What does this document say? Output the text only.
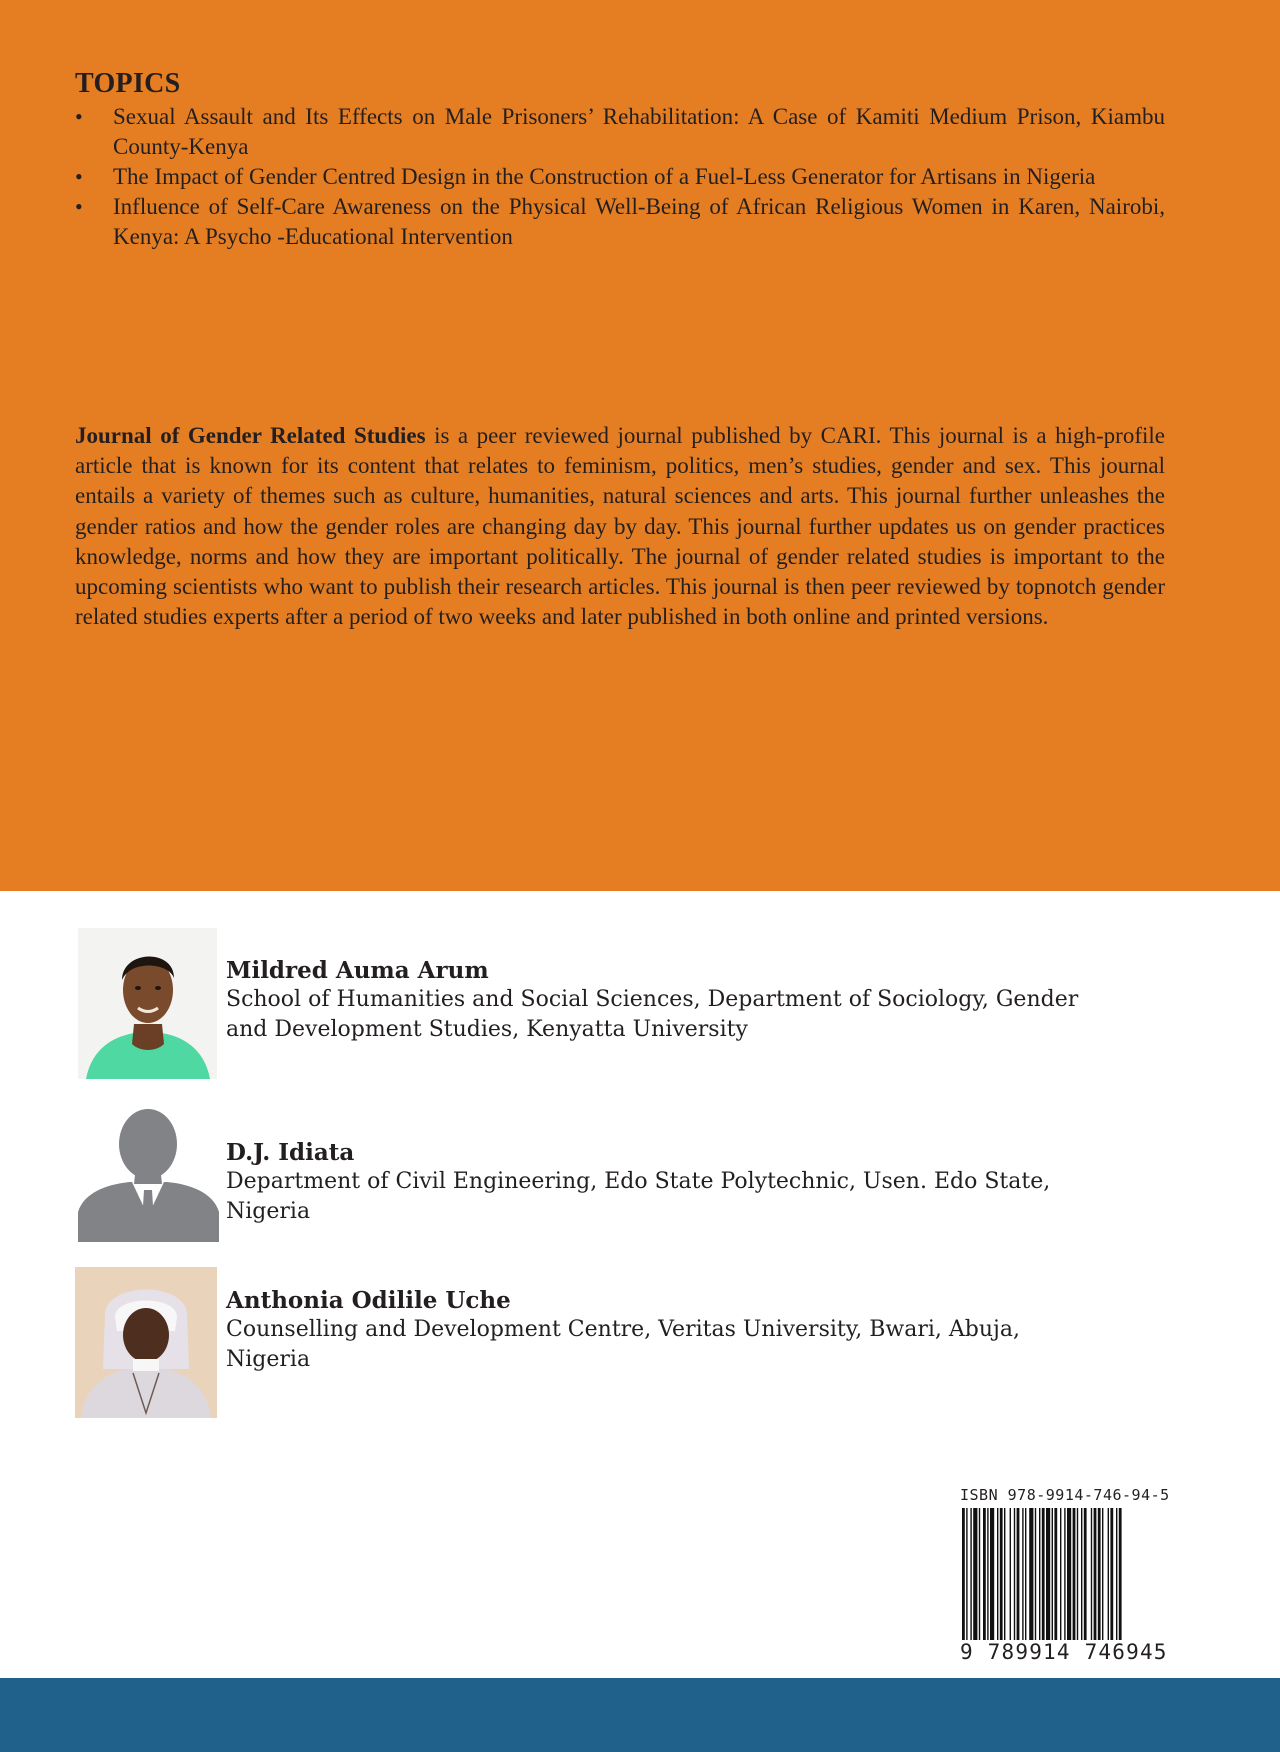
TOPICS
• Sexual Assault and Its Effects on Male Prisoners’ Rehabilitation: A Case of Kamiti Medium Prison, Kiambu County-Kenya
• The Impact of Gender Centred Design in the Construction of a Fuel-Less Generator for Artisans in Nigeria
• Influence of Self-Care Awareness on the Physical Well-Being of African Religious Women in Karen, Nairobi, Kenya: A Psycho -Educational Intervention

Journal of Gender Related Studies is a peer reviewed journal published by CARI. This journal is a high-profile article that is known for its content that relates to feminism, politics, men’s studies, gender and sex. This journal entails a variety of themes such as culture, humanities, natural sciences and arts. This journal further unleashes the gender ratios and how the gender roles are changing day by day. This journal further updates us on gender practices knowledge, norms and how they are important politically. The journal of gender related studies is important to the upcoming scientists who want to publish their research articles. This journal is then peer reviewed by topnotch gender related studies experts after a period of two weeks and later published in both online and printed versions.

Mildred Auma Arum
School of Humanities and Social Sciences, Department of Sociology, Gender and Development Studies, Kenyatta University
D.J. Idiata
Department of Civil Engineering, Edo State Polytechnic, Usen. Edo State, Nigeria
Anthonia Odilile Uche
Counselling and Development Centre, Veritas University, Bwari, Abuja, Nigeria
ISBN 978-9914-746-94-5
9 789914 746945
